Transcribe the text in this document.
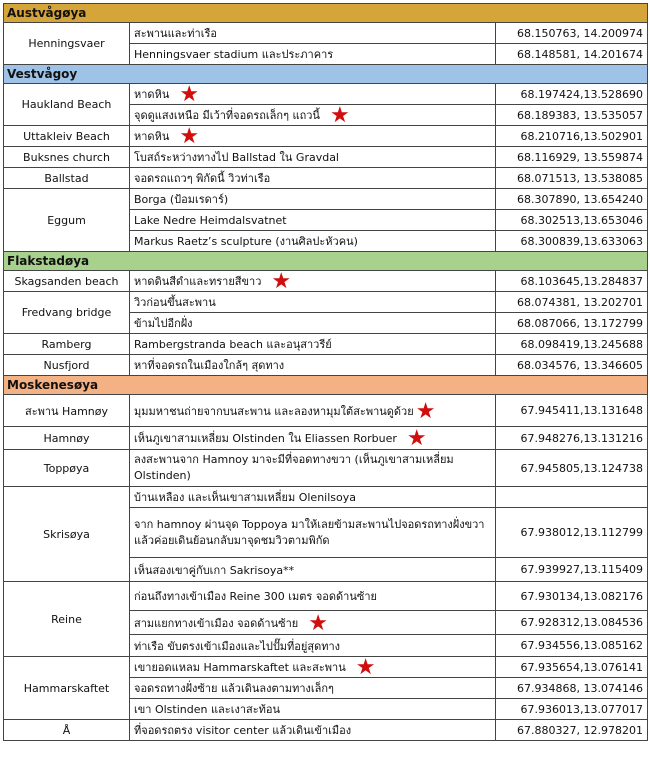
Austvågøya		
Henningsvaer	สะพานและท่าเรือ	68.150763, 14.200974
	Henningsvaer stadium และประภาคาร	68.148581, 14.201674
Vestvågoy		
Haukland Beach	หาดหิน ★	68.197424,13.528690
	จุดดูแสงเหนือ มีเว้าที่จอดรถเล็กๆ แถวนี้ ★	68.189383, 13.535057
Uttakleiv Beach	หาดหิน ★	68.210716,13.502901
Buksnes church	โบสถ์ระหว่างทางไป Ballstad ใน Gravdal	68.116929, 13.559874
Ballstad	จอดรถแถวๆ พิกัดนี้ วิวท่าเรือ	68.071513, 13.538085
Eggum	Borga (ป้อมเรดาร์)	68.307890, 13.654240
	Lake Nedre Heimdalsvatnet	68.302513,13.653046
	Markus Raetz’s sculpture (งานศิลปะหัวคน)	68.300839,13.633063
Flakstadøya		
Skagsanden beach	หาดดินสีดำและทรายสีขาว ★	68.103645,13.284837
Fredvang bridge	วิวก่อนขึ้นสะพาน	68.074381, 13.202701
	ข้ามไปอีกฝั่ง	68.087066, 13.172799
Ramberg	Rambergstranda beach และอนุสาวรีย์	68.098419,13.245688
Nusfjord	หาที่จอดรถในเมืองใกล้ๆ สุดทาง	68.034576, 13.346605
Moskenesøya		
สะพาน Hamnøy	มุมมหาชนถ่ายจากบนสะพาน และลองหามุมใต้สะพานดูด้วย★	67.945411,13.131648
Hamnøy	เห็นภูเขาสามเหลี่ยม Olstinden ใน Eliassen Rorbuer ★	67.948276,13.131216
Toppøya	ลงสะพานจาก Hamnoy มาจะมีที่จอดทางขวา (เห็นภูเขาสามเหลี่ยม Olstinden)	67.945805,13.124738
Skrisøya	บ้านเหลือง และเห็นเขาสามเหลี่ยม Olenilsoya	
	จาก hamnoy ผ่านจุด Toppoya มาให้เลยข้ามสะพานไปจอดรถทางฝั่งขวา แล้วค่อยเดินย้อนกลับมาจุดชมวิวตามพิกัด	67.938012,13.112799
	เห็นสองเขาคู่กับเกา Sakrisoya**	67.939927,13.115409
Reine	ก่อนถึงทางเข้าเมือง Reine 300 เมตร จอดด้านซ้าย	67.930134,13.082176
	สามแยกทางเข้าเมือง จอดด้านซ้าย ★	67.928312,13.084536
	ท่าเรือ ขับตรงเข้าเมืองและไปปั๊มที่อยู่สุดทาง	67.934556,13.085162
Hammarskaftet	เขายอดแหลม Hammarskaftet และสะพาน ★	67.935654,13.076141
	จอดรถทางฝั่งซ้าย แล้วเดินลงตามทางเล็กๆ	67.934868, 13.074146
	เขา Olstinden และเงาสะท้อน	67.936013,13.077017
Å	ที่จอดรถตรง visitor center แล้วเดินเข้าเมือง	67.880327, 12.978201
